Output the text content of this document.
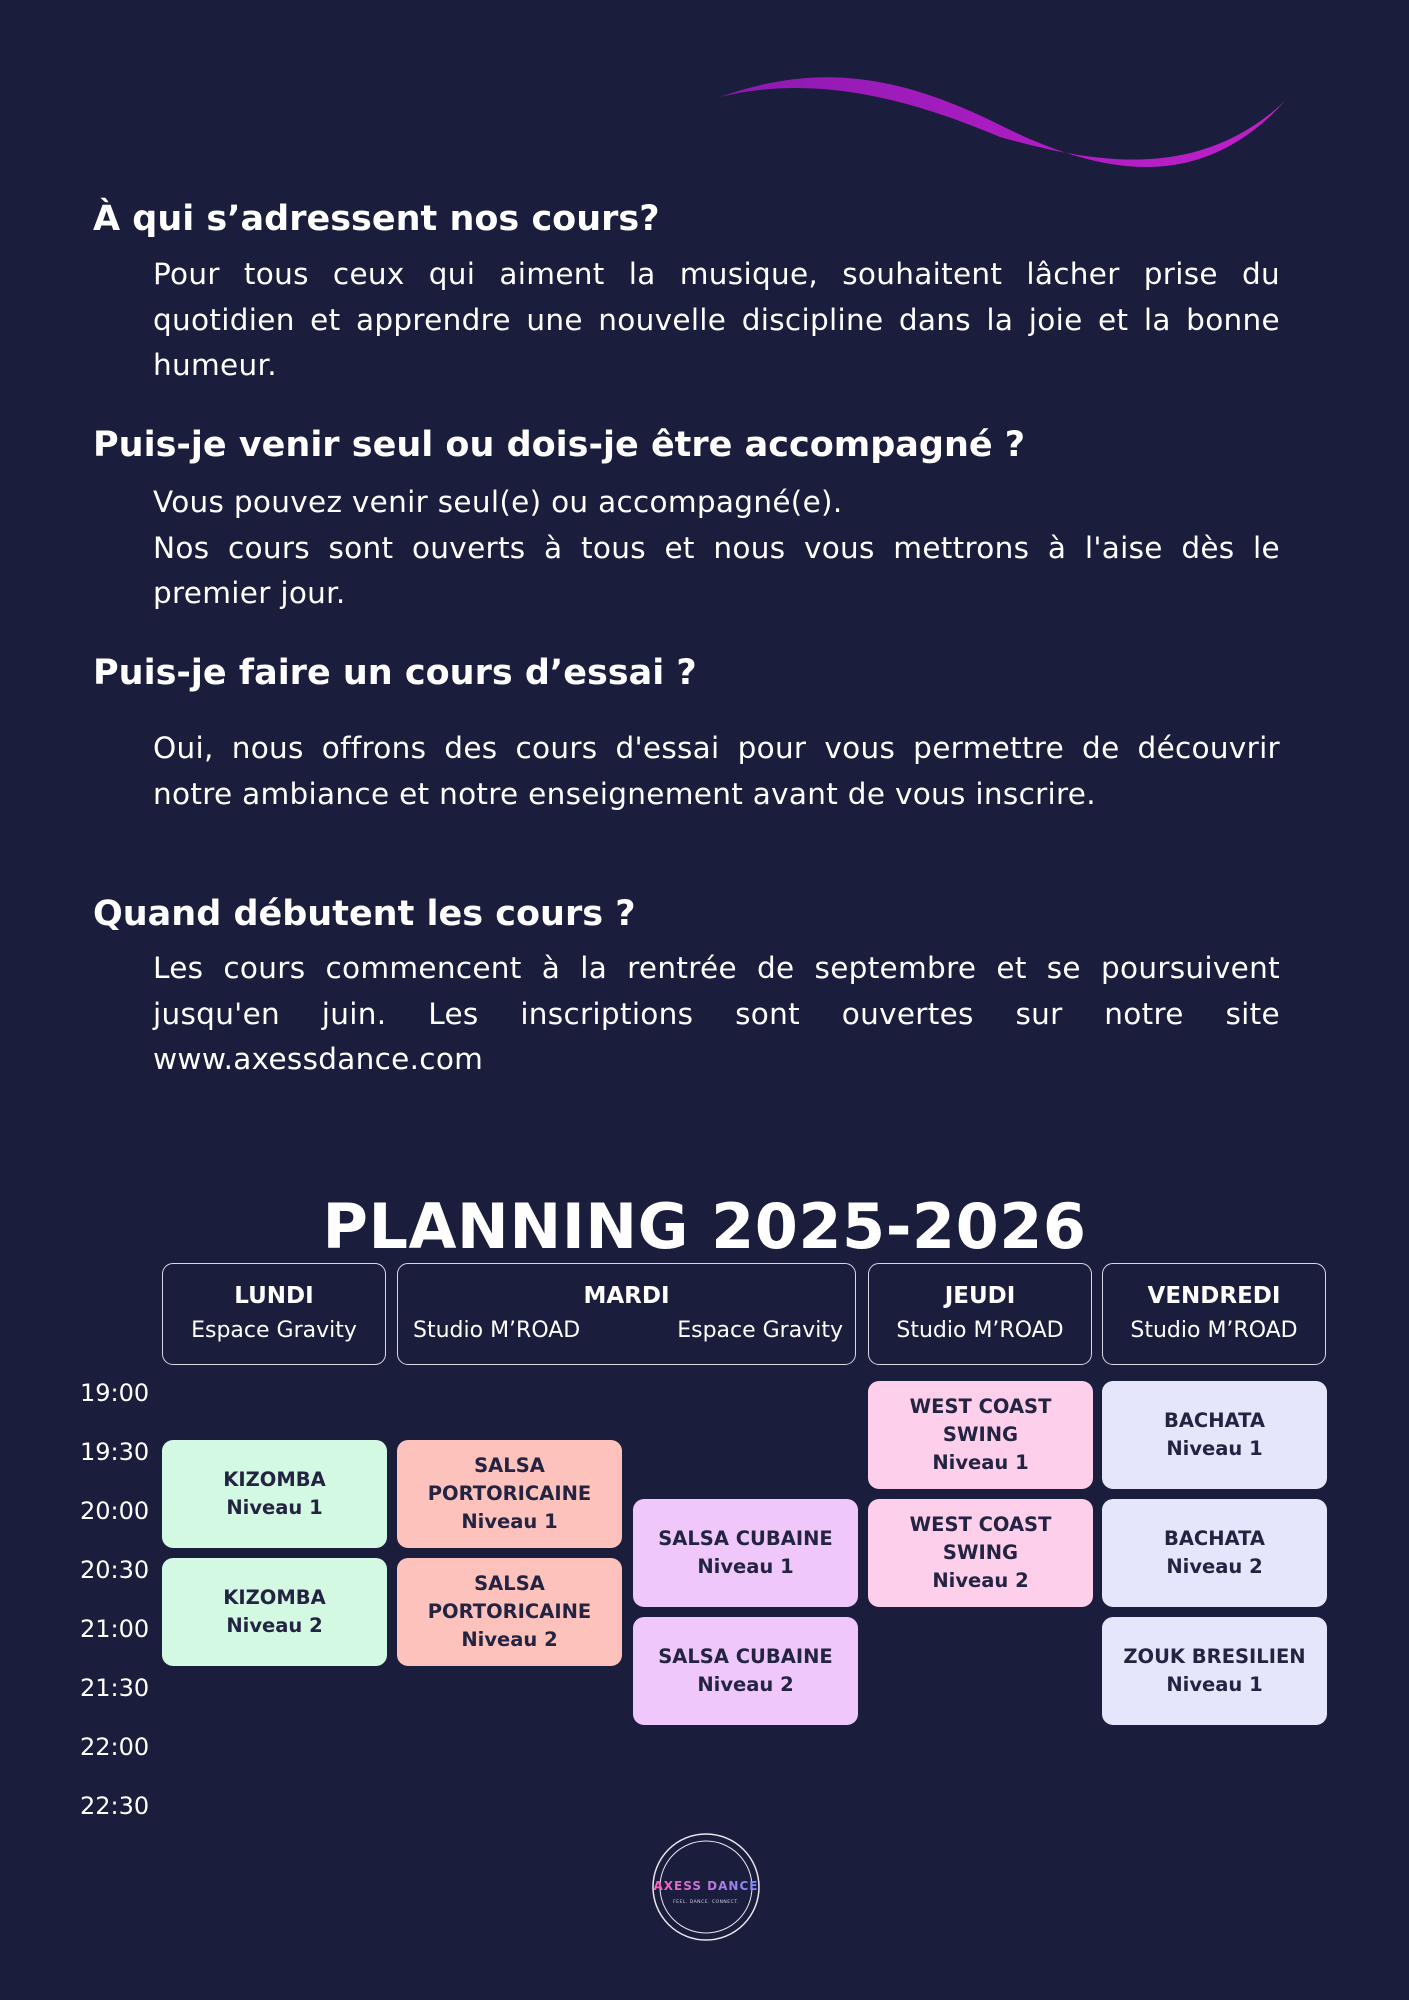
À qui s’adressent nos cours?

Pour tous ceux qui aiment la musique, souhaitent lâcher prise du quotidien et apprendre une nouvelle discipline dans la joie et la bonne humeur.

Puis-je venir seul ou dois-je être accompagné ?

Vous pouvez venir seul(e) ou accompagné(e).
Nos cours sont ouverts à tous et nous vous mettrons à l'aise dès le premier jour.

Puis-je faire un cours d’essai ?

Oui, nous offrons des cours d'essai pour vous permettre de découvrir notre ambiance et notre enseignement avant de vous inscrire.

Quand débutent les cours ?

Les cours commencent à la rentrée de septembre et se poursuivent jusqu'en juin. Les inscriptions sont ouvertes sur notre site www.axessdance.com

PLANNING 2025-2026
LUNDI
Espace Gravity
MARDI
Studio M’ROAD	Espace Gravity
JEUDI
Studio M’ROAD
VENDREDI
Studio M’ROAD
19:00
19:30
20:00
20:30
21:00
21:30
22:00
22:30
KIZOMBA
Niveau 1
KIZOMBA
Niveau 2
SALSA
PORTORICAINE
Niveau 1
SALSA
PORTORICAINE
Niveau 2
SALSA CUBAINE
Niveau 1
SALSA CUBAINE
Niveau 2
WEST COAST
SWING
Niveau 1
WEST COAST
SWING
Niveau 2
BACHATA
Niveau 1
BACHATA
Niveau 2
ZOUK BRESILIEN
Niveau 1
AXESS DANCE
FEEL. DANCE. CONNECT.
